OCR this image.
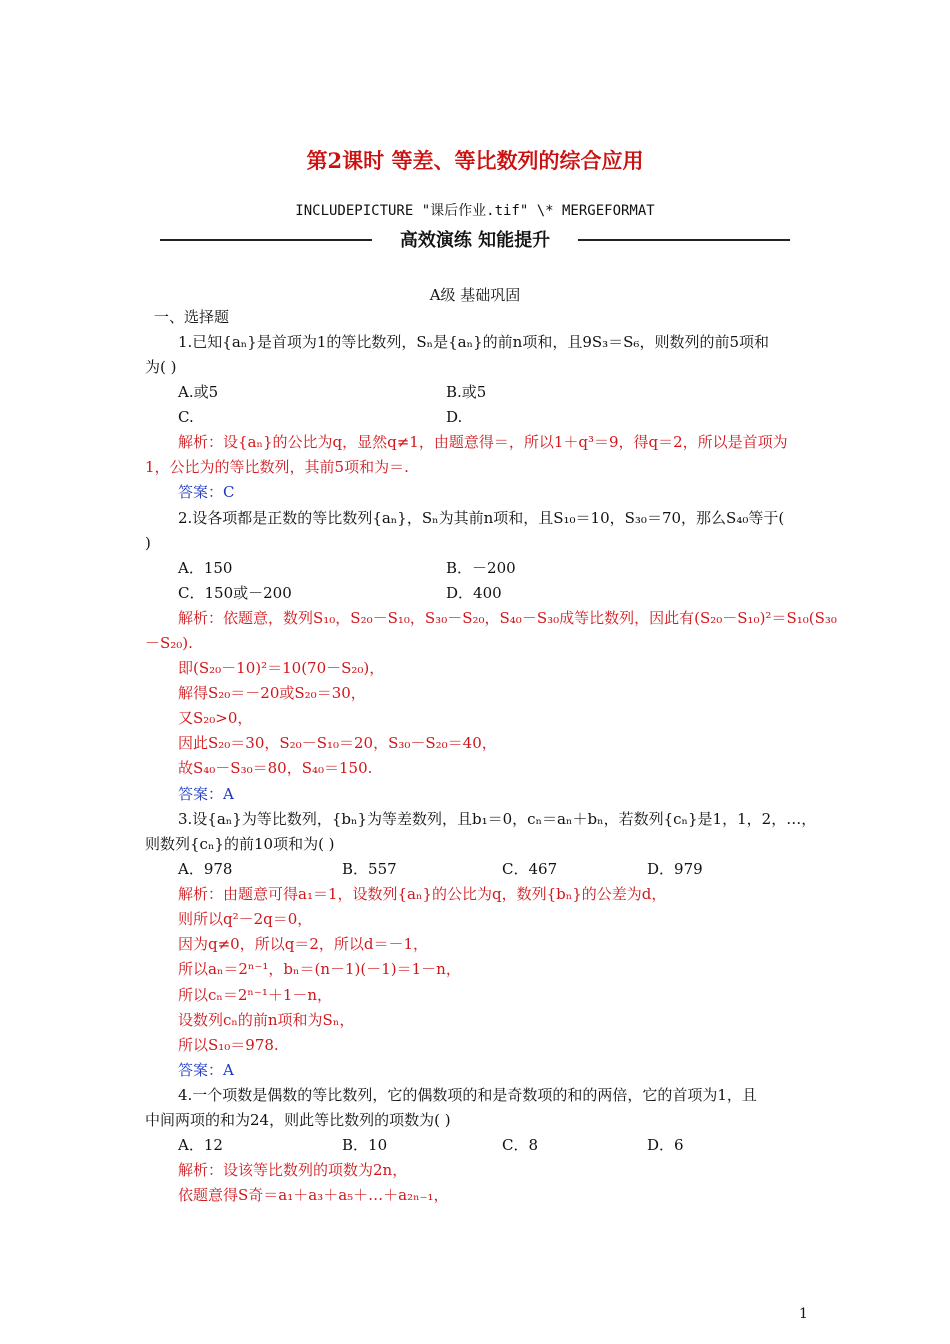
第2课时 等差、等比数列的综合应用
INCLUDEPICTURE "课后作业.tif" \* MERGEFORMAT
高效演练 知能提升
A级 基础巩固
一、选择题
1.已知{aₙ}是首项为1的等比数列，Sₙ是{aₙ}的前n项和，且9S₃＝S₆，则数列的前5项和
为( )
A.或5	B.或5
C.	D.
解析：设{aₙ}的公比为q，显然q≠1，由题意得＝，所以1＋q³＝9，得q＝2，所以是首项为
1，公比为的等比数列，其前5项和为＝.
答案：C
2.设各项都是正数的等比数列{aₙ}，Sₙ为其前n项和，且S₁₀＝10，S₃₀＝70，那么S₄₀等于(
)
A．150	B．－200
C．150或－200	D．400
解析：依题意，数列S₁₀，S₂₀－S₁₀，S₃₀－S₂₀，S₄₀－S₃₀成等比数列，因此有(S₂₀－S₁₀)²＝S₁₀(S₃₀
－S₂₀).
即(S₂₀－10)²＝10(70－S₂₀)，
解得S₂₀＝－20或S₂₀＝30，
又S₂₀>0，
因此S₂₀＝30，S₂₀－S₁₀＝20，S₃₀－S₂₀＝40，
故S₄₀－S₃₀＝80，S₄₀＝150.
答案：A
3.设{aₙ}为等比数列，{bₙ}为等差数列，且b₁＝0，cₙ＝aₙ＋bₙ，若数列{cₙ}是1，1，2，…，
则数列{cₙ}的前10项和为( )
A．978	B．557	C．467	D．979
解析：由题意可得a₁＝1，设数列{aₙ}的公比为q，数列{bₙ}的公差为d，
则所以q²－2q＝0，
因为q≠0，所以q＝2，所以d＝－1，
所以aₙ＝2ⁿ⁻¹，bₙ＝(n－1)(－1)＝1－n，
所以cₙ＝2ⁿ⁻¹＋1－n，
设数列cₙ的前n项和为Sₙ，
所以S₁₀＝978.
答案：A
4.一个项数是偶数的等比数列，它的偶数项的和是奇数项的和的两倍，它的首项为1，且
中间两项的和为24，则此等比数列的项数为( )
A．12	B．10	C．8	D．6
解析：设该等比数列的项数为2n，
依题意得S奇＝a₁＋a₃＋a₅＋…＋a₂ₙ₋₁，
1
